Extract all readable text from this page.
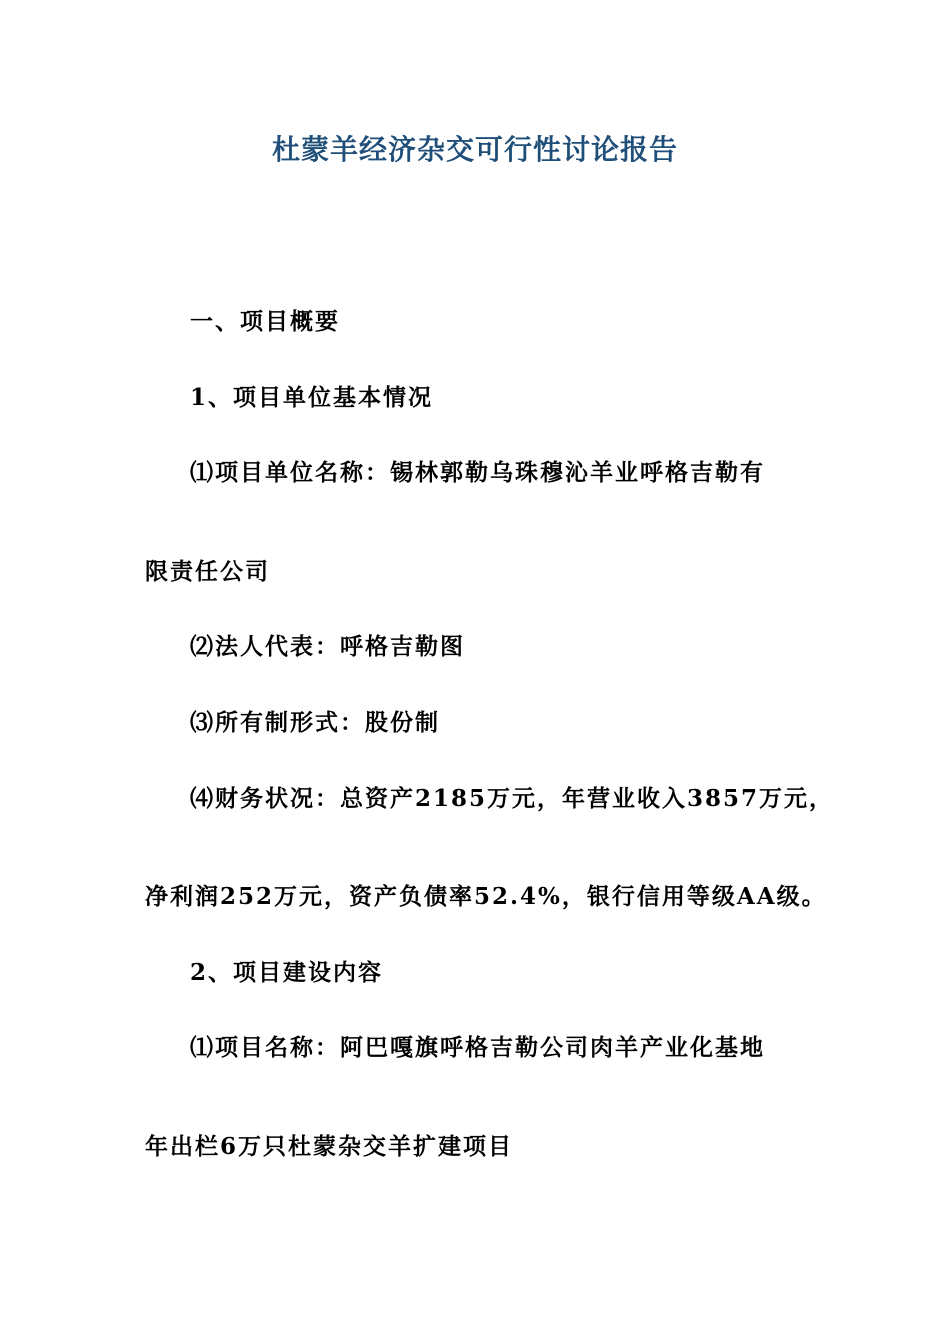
杜蒙羊经济杂交可行性讨论报告
一、项目概要
1、项目单位基本情况
⑴项目单位名称：锡林郭勒乌珠穆沁羊业呼格吉勒有
限责任公司
⑵法人代表：呼格吉勒图
⑶所有制形式：股份制
⑷财务状况：总资产2185万元，年营业收入3857万元，
净利润252万元，资产负债率52.4%，银行信用等级AA级。
2、项目建设内容
⑴项目名称：阿巴嘎旗呼格吉勒公司肉羊产业化基地
年出栏6万只杜蒙杂交羊扩建项目
